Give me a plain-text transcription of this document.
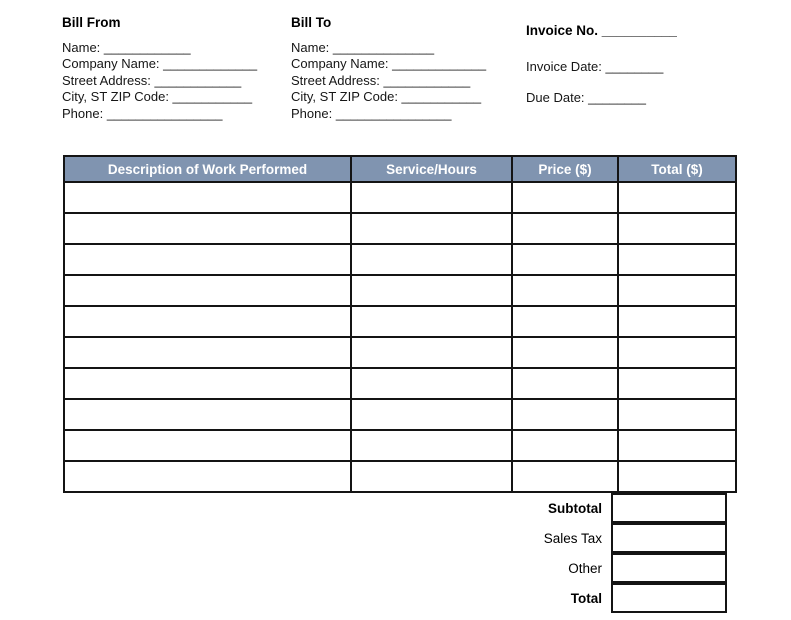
Bill From
Name: ____________
Company Name: _____________
Street Address: ____________
City, ST ZIP Code: ___________
Phone: ________________
Bill To
Name: ______________
Company Name: _____________
Street Address: ____________
City, ST ZIP Code: ___________
Phone: ________________
Invoice No. __________
Invoice Date: ________
Due Date: ________
Description of Work Performed	Service/Hours	Price ($)	Total ($)

Subtotal
Sales Tax
Other
Total
